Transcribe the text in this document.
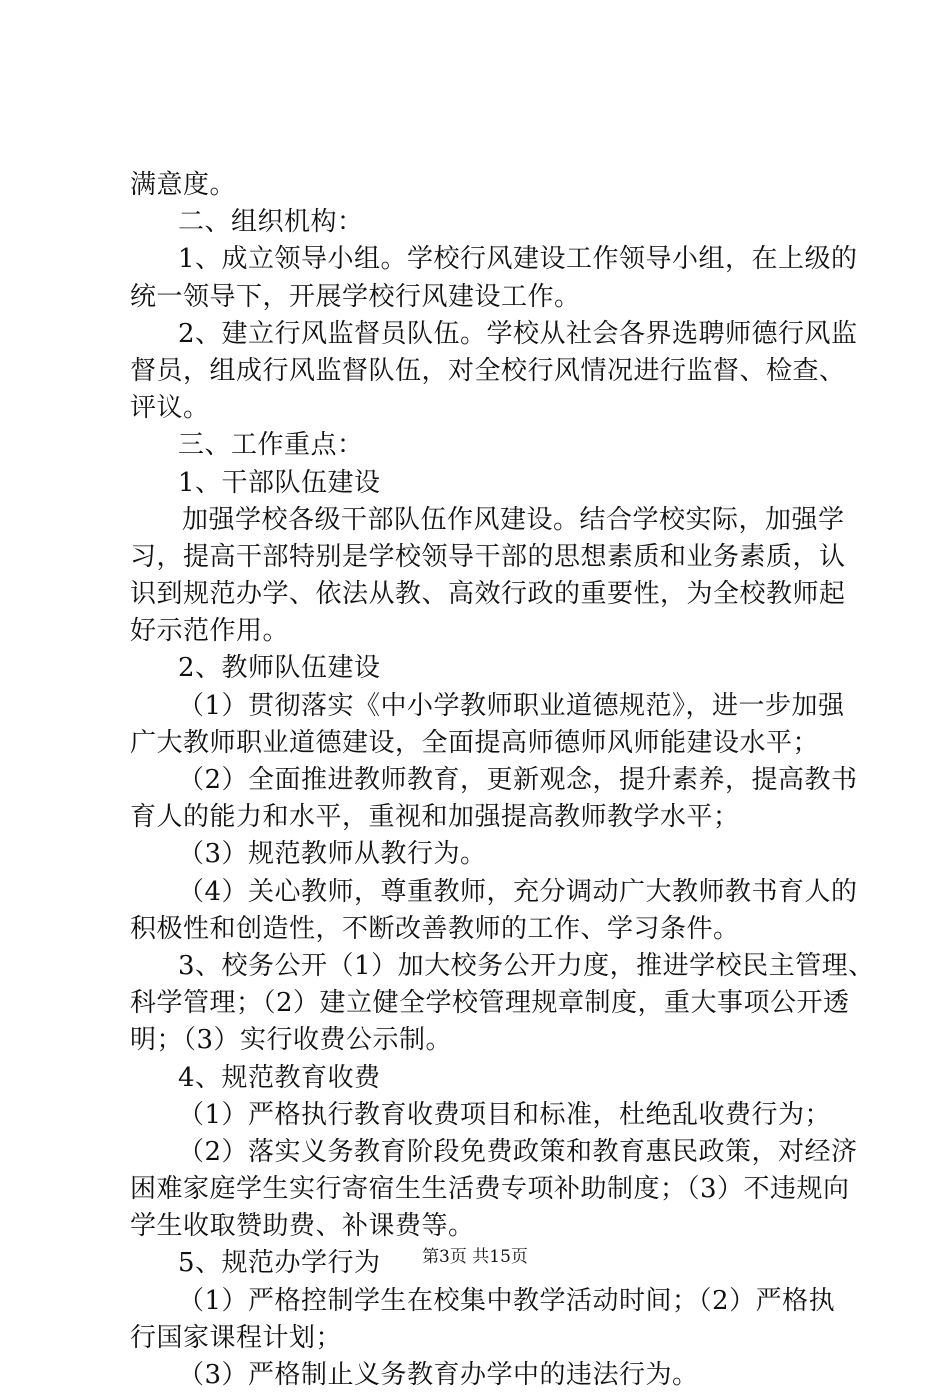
满意度。
二、组织机构：
1、成立领导小组。学校行风建设工作领导小组，在上级的
统一领导下，开展学校行风建设工作。
2、建立行风监督员队伍。学校从社会各界选聘师德行风监
督员，组成行风监督队伍，对全校行风情况进行监督、检查、
评议。
三、工作重点：
1、干部队伍建设
加强学校各级干部队伍作风建设。结合学校实际，加强学
习，提高干部特别是学校领导干部的思想素质和业务素质，认
识到规范办学、依法从教、高效行政的重要性，为全校教师起
好示范作用。
2、教师队伍建设
（1）贯彻落实《中小学教师职业道德规范》，进一步加强
广大教师职业道德建设，全面提高师德师风师能建设水平；
（2）全面推进教师教育，更新观念，提升素养，提高教书
育人的能力和水平，重视和加强提高教师教学水平；
（3）规范教师从教行为。
（4）关心教师，尊重教师，充分调动广大教师教书育人的
积极性和创造性，不断改善教师的工作、学习条件。
3、校务公开（1）加大校务公开力度，推进学校民主管理、
科学管理；（2）建立健全学校管理规章制度，重大事项公开透
明；（3）实行收费公示制。
4、规范教育收费
（1）严格执行教育收费项目和标准，杜绝乱收费行为；
（2）落实义务教育阶段免费政策和教育惠民政策，对经济
困难家庭学生实行寄宿生生活费专项补助制度；（3）不违规向
学生收取赞助费、补课费等。
5、规范办学行为
（1）严格控制学生在校集中教学活动时间；（2）严格执
行国家课程计划；
（3）严格制止义务教育办学中的违法行为。
第3页 共15页
